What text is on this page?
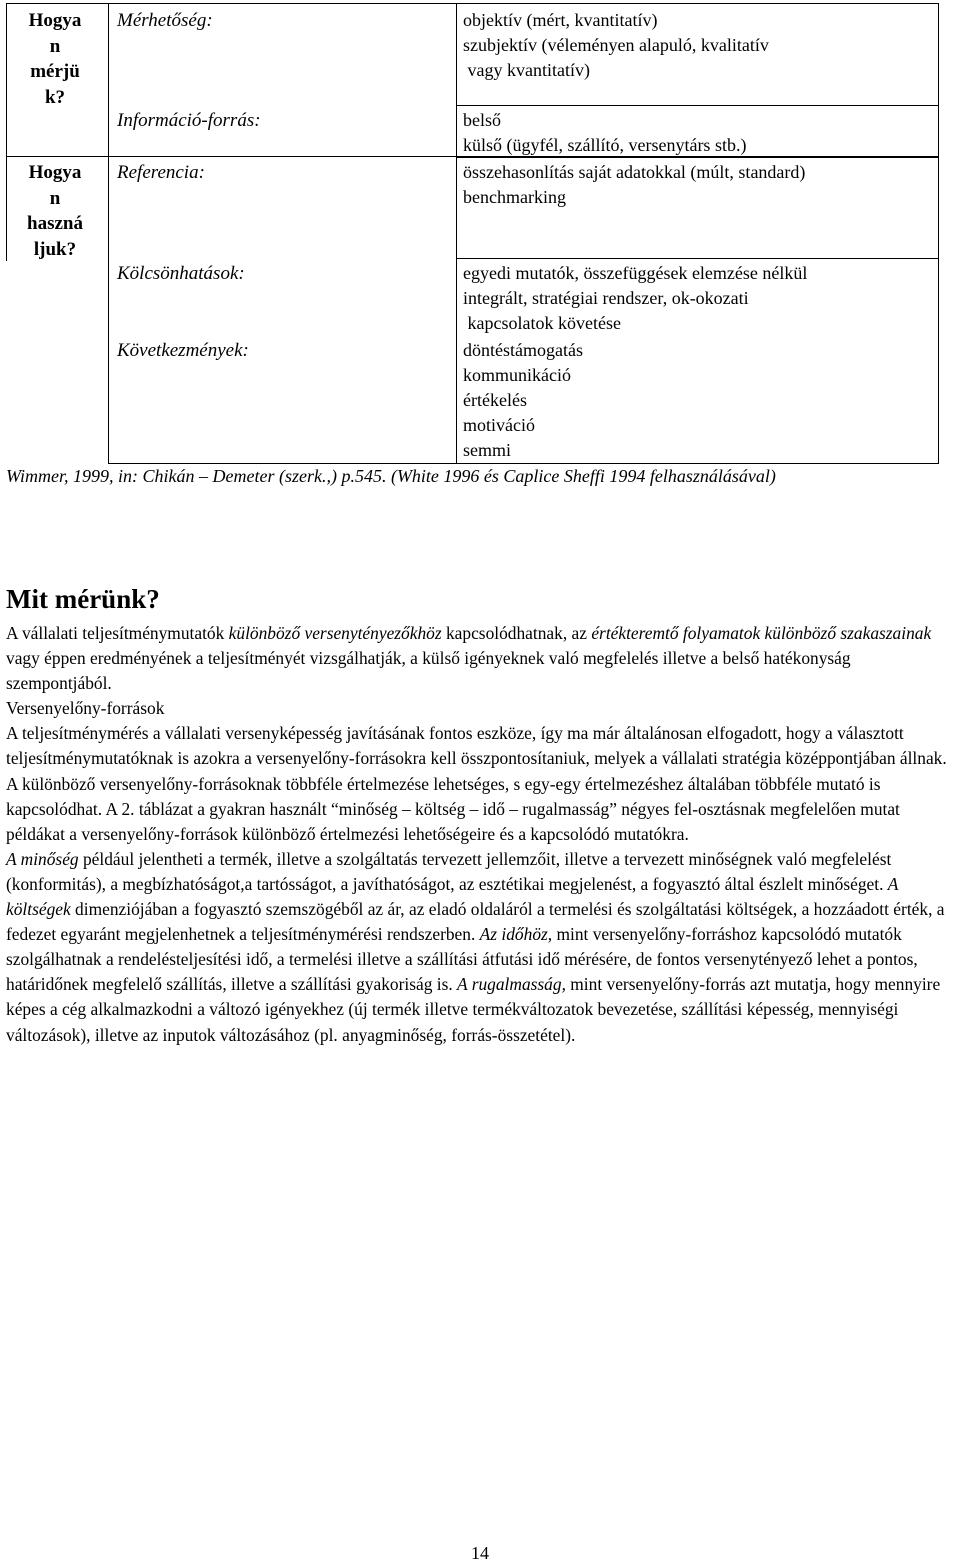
Hogya
n
mérjü
k?
Hogya
n
haszná
ljuk?
Mérhetőség:
Információ-forrás:
Referencia:
Kölcsönhatások:
Következmények:
objektív (mért, kvantitatív)
szubjektív (véleményen alapuló, kvalitatív
vagy kvantitatív)
belső
külső (ügyfél, szállító, versenytárs stb.)
összehasonlítás saját adatokkal (múlt, standard)
benchmarking
egyedi mutatók, összefüggések elemzése nélkül
integrált, stratégiai rendszer, ok-okozati
kapcsolatok követése
döntéstámogatás
kommunikáció
értékelés
motiváció
semmi
Wimmer, 1999, in: Chikán – Demeter (szerk.,) p.545. (White 1996 és Caplice Sheffi 1994 felhasználásával)
Mit mérünk?

A vállalati teljesítménymutatók különböző versenytényezőkhöz kapcsolódhatnak, az értékteremtő folyamatok különböző szakaszainak vagy éppen eredményének a teljesítményét vizsgálhatják, a külső igényeknek való megfelelés illetve a belső hatékonyság szempontjából.

Versenyelőny-források

A teljesítménymérés a vállalati versenyképesség javításának fontos eszköze, így ma már általánosan elfogadott, hogy a választott teljesítménymutatóknak is azokra a versenyelőny-forrásokra kell összpontosítaniuk, melyek a vállalati stratégia középpontjában állnak. A különböző versenyelőny-forrásoknak többféle értelmezése lehetséges, s egy-egy értelmezéshez általában többféle mutató is kapcsolódhat. A 2. táblázat a gyakran használt “minőség – költség – idő – rugalmasság” négyes fel-osztásnak megfelelően mutat példákat a versenyelőny-források különböző értelmezési lehetőségeire és a kapcsolódó mutatókra.

A minőség például jelentheti a termék, illetve a szolgáltatás tervezett jellemzőit, illetve a tervezett minőségnek való megfelelést (konformitás), a megbízhatóságot,a tartósságot, a javíthatóságot, az esztétikai megjelenést, a fogyasztó által észlelt minőséget. A költségek dimenziójában a fogyasztó szemszögéből az ár, az eladó oldaláról a termelési és szolgáltatási költségek, a hozzáadott érték, a fedezet egyaránt megjelenhetnek a teljesítménymérési rendszerben. Az időhöz, mint versenyelőny-forráshoz kapcsolódó mutatók szolgálhatnak a rendelésteljesítési idő, a termelési illetve a szállítási átfutási idő mérésére, de fontos versenytényező lehet a pontos, határidőnek megfelelő szállítás, illetve a szállítási gyakoriság is. A rugalmasság, mint versenyelőny-forrás azt mutatja, hogy mennyire képes a cég alkalmazkodni a változó igényekhez (új termék illetve termékváltozatok bevezetése, szállítási képesség, mennyiségi változások), illetve az inputok változásához (pl. anyagminőség, forrás-összetétel).

14
